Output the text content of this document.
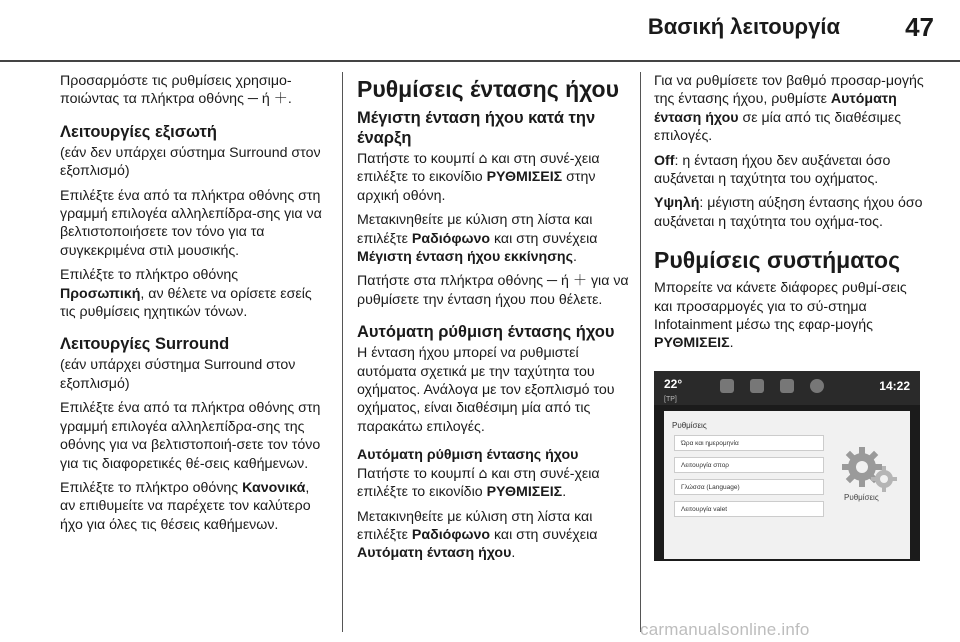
Βασική λειτουργία	47

Προσαρμόστε τις ρυθμίσεις χρησιμο-ποιώντας τα πλήκτρα οθόνης ─ ή ＋.

Λειτουργίες εξισωτή

(εάν δεν υπάρχει σύστημα Surround στον εξοπλισμό)

Επιλέξτε ένα από τα πλήκτρα οθόνης στη γραμμή επιλογέα αλληλεπίδρα-σης για να βελτιστοποιήσετε τον τόνο για τα συγκεκριμένα στιλ μουσικής.

Επιλέξτε το πλήκτρο οθόνης Προσωπική, αν θέλετε να ορίσετε εσείς τις ρυθμίσεις ηχητικών τόνων.

Λειτουργίες Surround

(εάν υπάρχει σύστημα Surround στον εξοπλισμό)

Επιλέξτε ένα από τα πλήκτρα οθόνης στη γραμμή επιλογέα αλληλεπίδρα-σης της οθόνης για να βελτιστοποιή-σετε τον τόνο για τις διαφορετικές θέ-σεις καθήμενων.

Επιλέξτε το πλήκτρο οθόνης Κανονικά, αν επιθυμείτε να παρέχετε τον καλύτερο ήχο για όλες τις θέσεις καθήμενων.

Ρυθμίσεις έντασης ήχου
Μέγιστη ένταση ήχου κατά την έναρξη

Πατήστε το κουμπί ⌂ και στη συνέ-χεια επιλέξτε το εικονίδιο ΡΥΘΜΙΣΕΙΣ στην αρχική οθόνη.

Μετακινηθείτε με κύλιση στη λίστα και επιλέξτε Ραδιόφωνο και στη συνέχεια Μέγιστη ένταση ήχου εκκίνησης.

Πατήστε στα πλήκτρα οθόνης ─ ή ＋ για να ρυθμίσετε την ένταση ήχου που θέλετε.

Αυτόματη ρύθμιση έντασης ήχου

Η ένταση ήχου μπορεί να ρυθμιστεί αυτόματα σχετικά με την ταχύτητα του οχήματος. Ανάλογα με τον εξοπλισμό του οχήματος, είναι διαθέσιμη μία από τις παρακάτω επιλογές.

Αυτόματη ρύθμιση έντασης ήχου

Πατήστε το κουμπί ⌂ και στη συνέ-χεια επιλέξτε το εικονίδιο ΡΥΘΜΙΣΕΙΣ.

Μετακινηθείτε με κύλιση στη λίστα και επιλέξτε Ραδιόφωνο και στη συνέχεια Αυτόματη ένταση ήχου.

Για να ρυθμίσετε τον βαθμό προσαρ-μογής της έντασης ήχου, ρυθμίστε Αυτόματη ένταση ήχου σε μία από τις διαθέσιμες επιλογές.

Off: η ένταση ήχου δεν αυξάνεται όσο αυξάνεται η ταχύτητα του οχήματος.

Υψηλή: μέγιστη αύξηση έντασης ήχου όσο αυξάνεται η ταχύτητα του οχήμα-τος.

Ρυθμίσεις συστήματος

Μπορείτε να κάνετε διάφορες ρυθμί-σεις και προσαρμογές για το σύ-στημα Infotainment μέσω της εφαρ-μογής ΡΥΘΜΙΣΕΙΣ.

22°
[TP]
14:22
Ρυθμίσεις
Ώρα και ημερομηνία
Λειτουργία σπορ
Γλώσσα (Language)
Λειτουργία valet
Ρυθμίσεις
carmanualsonline.info
